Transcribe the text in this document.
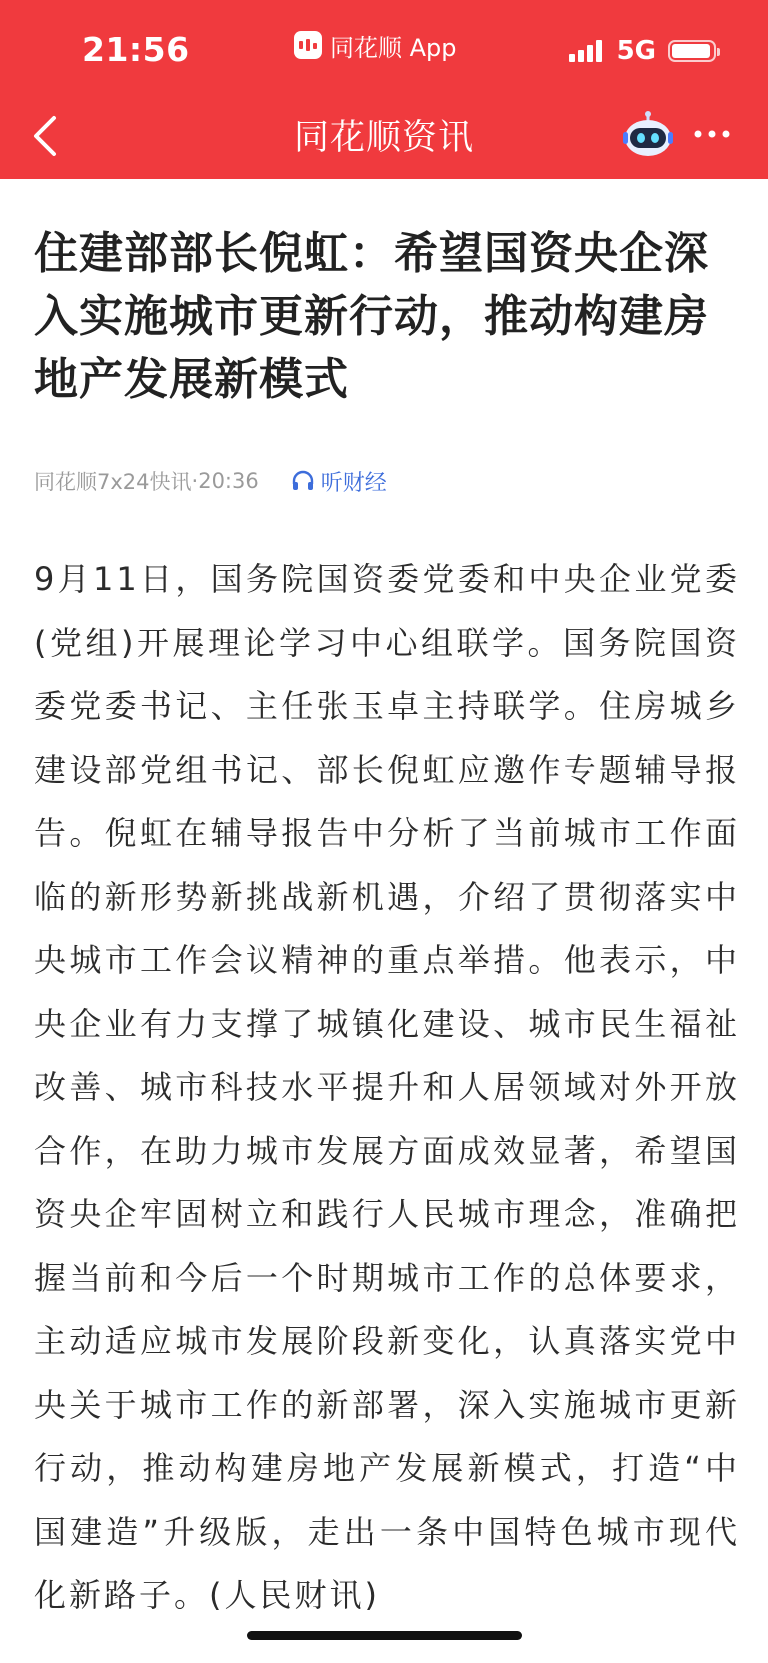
21:56	同花顺 App	5G
同花顺资讯
住建部部长倪虹：希望国资央企深入实施城市更新行动，推动构建房地产发展新模式
同花顺7x24快讯 · 20:36	听财经

9月11日，国务院国资委党委和中央企业党委(党组)开展理论学习中心组联学。国务院国资委党委书记、主任张玉卓主持联学。住房城乡建设部党组书记、部长倪虹应邀作专题辅导报告。倪虹在辅导报告中分析了当前城市工作面临的新形势新挑战新机遇，介绍了贯彻落实中央城市工作会议精神的重点举措。他表示，中央企业有力支撑了城镇化建设、城市民生福祉改善、城市科技水平提升和人居领域对外开放合作，在助力城市发展方面成效显著，希望国资央企牢固树立和践行人民城市理念，准确把握当前和今后一个时期城市工作的总体要求，主动适应城市发展阶段新变化，认真落实党中央关于城市工作的新部署，深入实施城市更新行动，推动构建房地产发展新模式，打造“中国建造”升级版，走出一条中国特色城市现代化新路子。(人民财讯)
